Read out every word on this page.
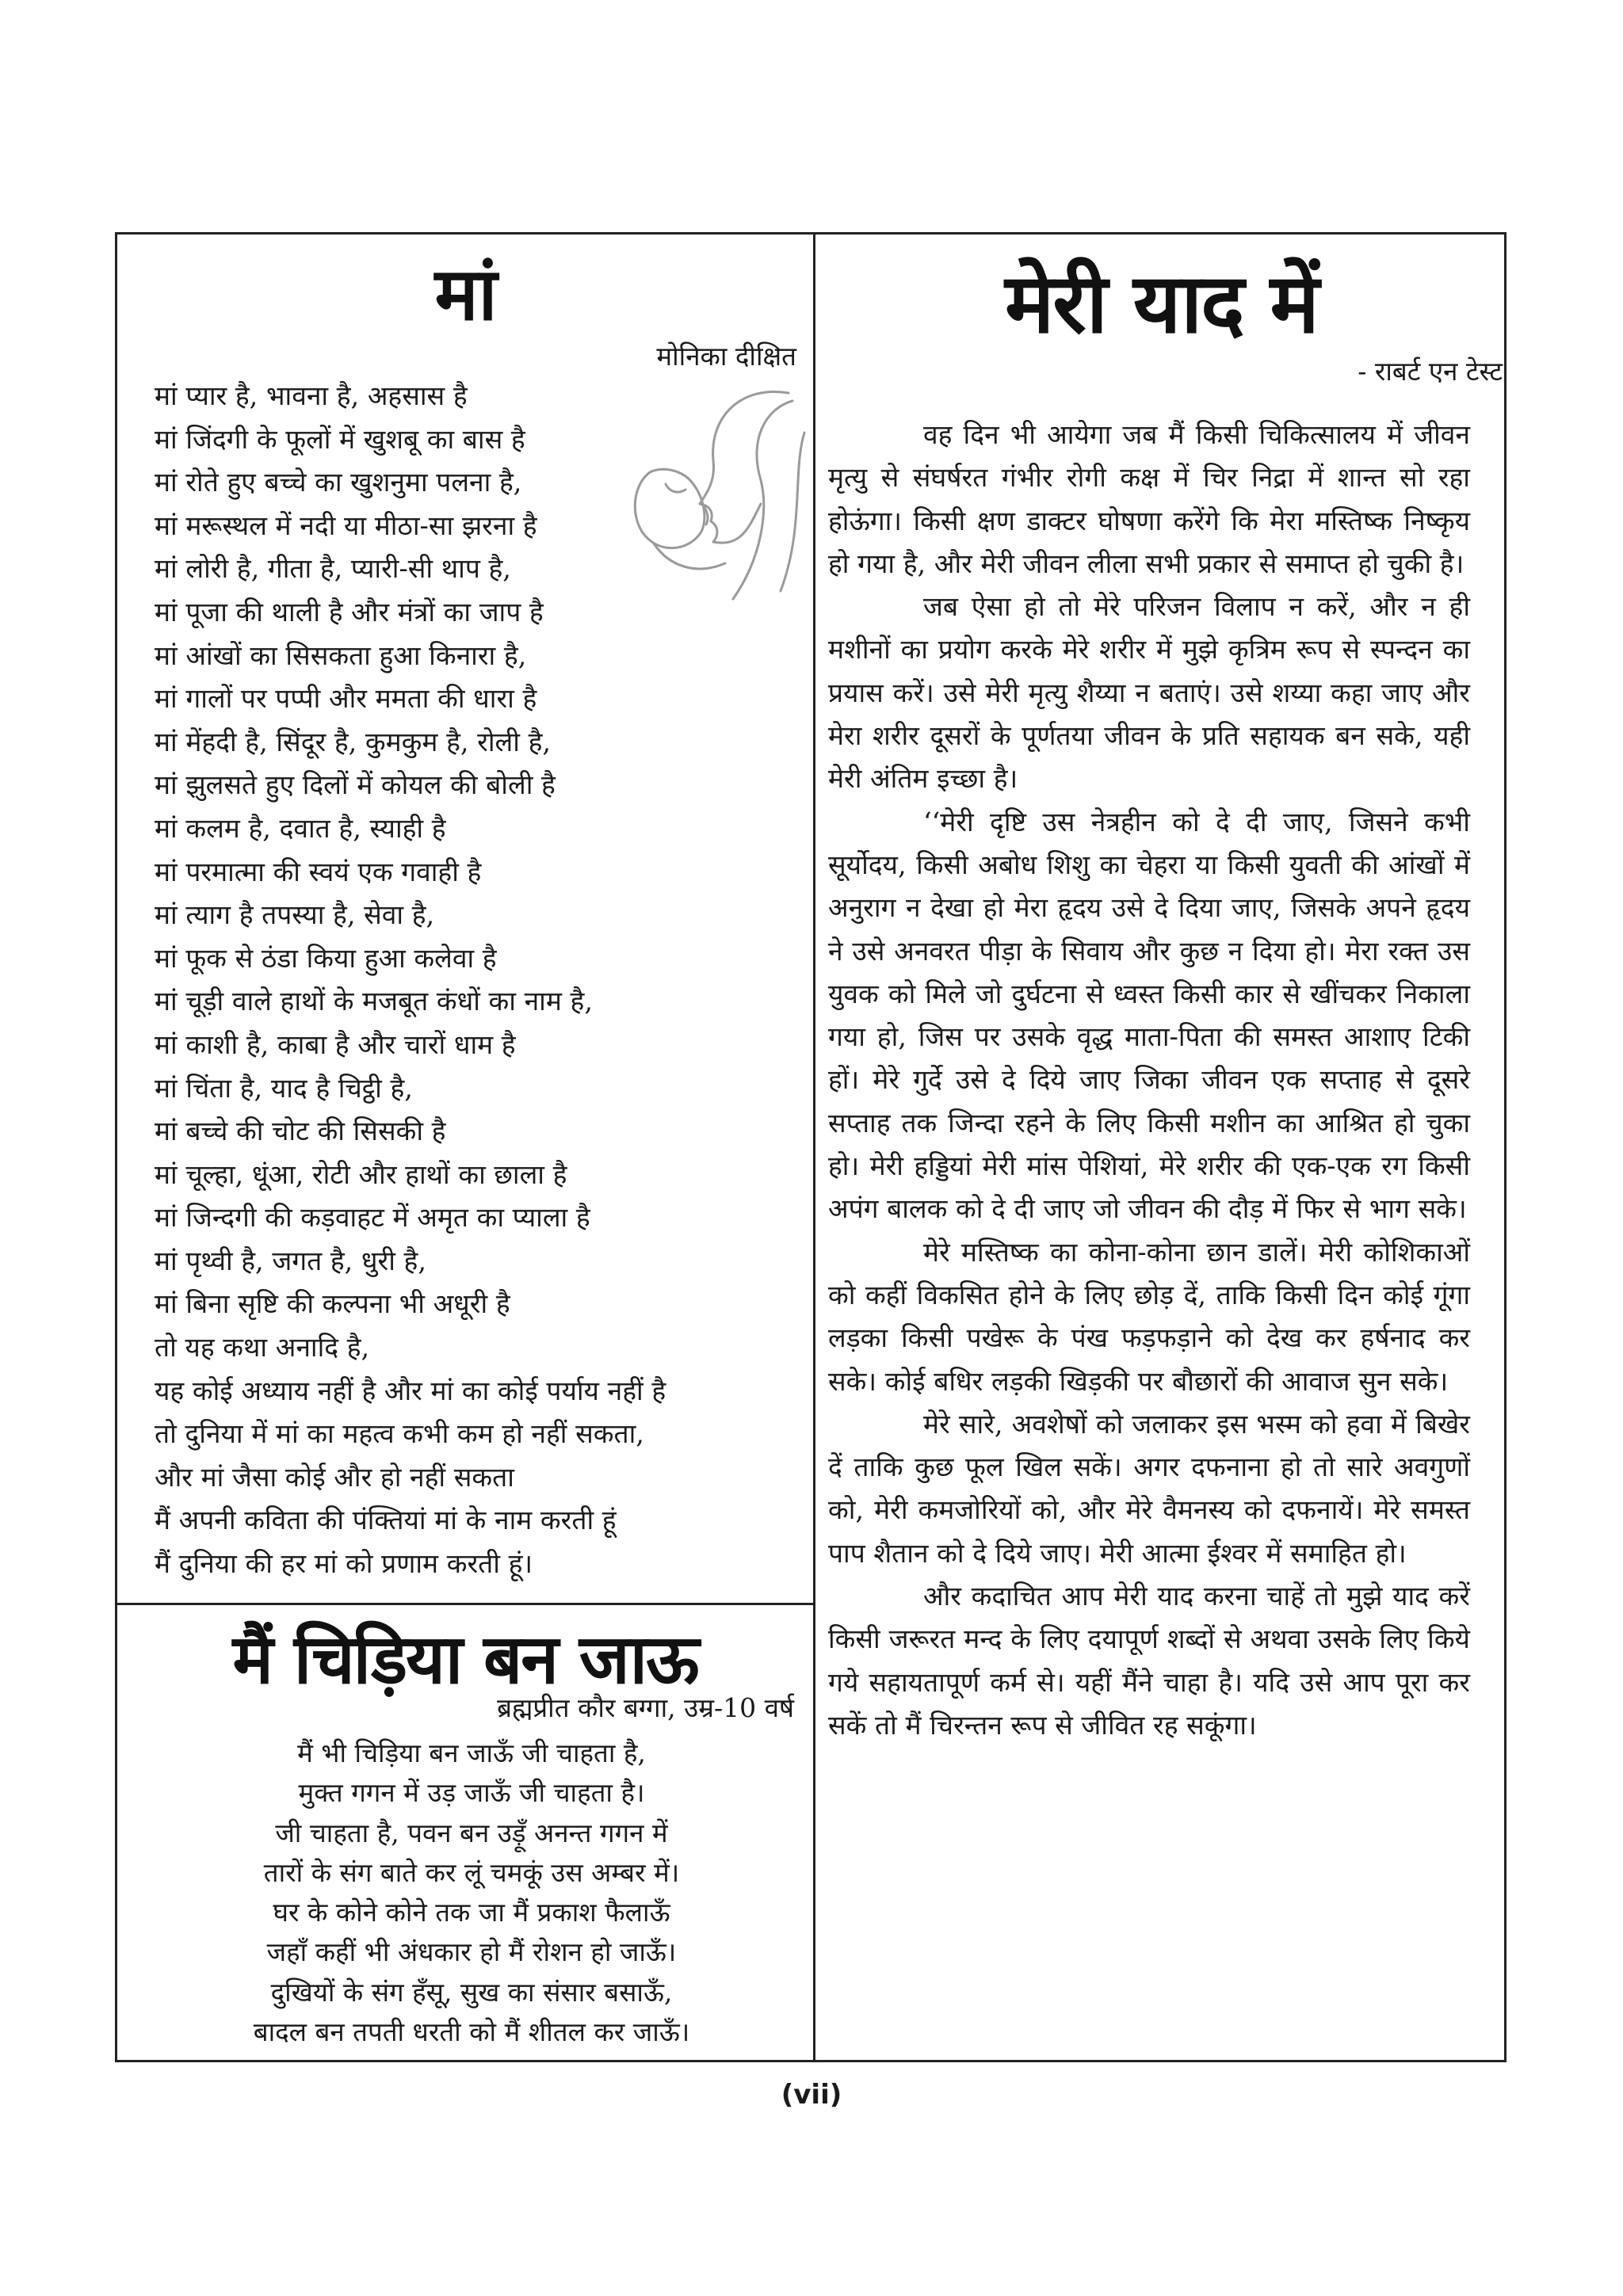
मां
मोनिका दीक्षित
मां प्यार है, भावना है, अहसास है
मां जिंदगी के फूलों में खुशबू का बास है
मां रोते हुए बच्चे का खुशनुमा पलना है,
मां मरूस्थल में नदी या मीठा-सा झरना है
मां लोरी है, गीता है, प्यारी-सी थाप है,
मां पूजा की थाली है और मंत्रों का जाप है
मां आंखों का सिसकता हुआ किनारा है,
मां गालों पर पप्पी और ममता की धारा है
मां मेंहदी है, सिंदूर है, कुमकुम है, रोली है,
मां झुलसते हुए दिलों में कोयल की बोली है
मां कलम है, दवात है, स्याही है
मां परमात्मा की स्वयं एक गवाही है
मां त्याग है तपस्या है, सेवा है,
मां फूक से ठंडा किया हुआ कलेवा है
मां चूड़ी वाले हाथों के मजबूत कंधों का नाम है,
मां काशी है, काबा है और चारों धाम है
मां चिंता है, याद है चिट्ठी है,
मां बच्चे की चोट की सिसकी है
मां चूल्हा, धूंआ, रोटी और हाथों का छाला है
मां जिन्दगी की कड़वाहट में अमृत का प्याला है
मां पृथ्वी है, जगत है, धुरी है,
मां बिना सृष्टि की कल्पना भी अधूरी है
तो यह कथा अनादि है,
यह कोई अध्याय नहीं है और मां का कोई पर्याय नहीं है
तो दुनिया में मां का महत्व कभी कम हो नहीं सकता,
और मां जैसा कोई और हो नहीं सकता
मैं अपनी कविता की पंक्तियां मां के नाम करती हूं
मैं दुनिया की हर मां को प्रणाम करती हूं।
मैं चिड़िया बन जाऊ
ब्रह्मप्रीत कौर बग्गा, उम्र-10 वर्ष
मैं भी चिड़िया बन जाऊँ जी चाहता है,
मुक्त गगन में उड़ जाऊँ जी चाहता है।
जी चाहता है, पवन बन उड़ूँ अनन्त गगन में
तारों के संग बाते कर लूं चमकूं उस अम्बर में।
घर के कोने कोने तक जा मैं प्रकाश फैलाऊँ
जहाँ कहीं भी अंधकार हो मैं रोशन हो जाऊँ।
दुखियों के संग हँसू, सुख का संसार बसाऊँ,
बादल बन तपती धरती को मैं शीतल कर जाऊँ।
मेरी याद में
- राबर्ट एन टेस्ट

वह दिन भी आयेगा जब मैं किसी चिकित्सालय में जीवन मृत्यु से संघर्षरत गंभीर रोगी कक्ष में चिर निद्रा में शान्त सो रहा होऊंगा। किसी क्षण डाक्टर घोषणा करेंगे कि मेरा मस्तिष्क निष्कृय हो गया है, और मेरी जीवन लीला सभी प्रकार से समाप्त हो चुकी है।

जब ऐसा हो तो मेरे परिजन विलाप न करें, और न ही मशीनों का प्रयोग करके मेरे शरीर में मुझे कृत्रिम रूप से स्पन्दन का प्रयास करें। उसे मेरी मृत्यु शैय्या न बताएं। उसे शय्या कहा जाए और मेरा शरीर दूसरों के पूर्णतया जीवन के प्रति सहायक बन सके, यही मेरी अंतिम इच्छा है।

‘‘मेरी दृष्टि उस नेत्रहीन को दे दी जाए, जिसने कभी सूर्योदय, किसी अबोध शिशु का चेहरा या किसी युवती की आंखों में अनुराग न देखा हो मेरा हृदय उसे दे दिया जाए, जिसके अपने हृदय ने उसे अनवरत पीड़ा के सिवाय और कुछ न दिया हो। मेरा रक्त उस युवक को मिले जो दुर्घटना से ध्वस्त किसी कार से खींचकर निकाला गया हो, जिस पर उसके वृद्ध माता-पिता की समस्त आशाए टिकी हों। मेरे गुर्दे उसे दे दिये जाए जिका जीवन एक सप्ताह से दूसरे सप्ताह तक जिन्दा रहने के लिए किसी मशीन का आश्रित हो चुका हो। मेरी हड्डियां मेरी मांस पेशियां, मेरे शरीर की एक-एक रग किसी अपंग बालक को दे दी जाए जो जीवन की दौड़ में फिर से भाग सके।

मेरे मस्तिष्क का कोना-कोना छान डालें। मेरी कोशिकाओं को कहीं विकसित होने के लिए छोड़ दें, ताकि किसी दिन कोई गूंगा लड़का किसी पखेरू के पंख फड़फड़ाने को देख कर हर्षनाद कर सके। कोई बधिर लड़की खिड़की पर बौछारों की आवाज सुन सके।

मेरे सारे, अवशेषों को जलाकर इस भस्म को हवा में बिखेर दें ताकि कुछ फूल खिल सकें। अगर दफनाना हो तो सारे अवगुणों को, मेरी कमजोरियों को, और मेरे वैमनस्य को दफनायें। मेरे समस्त पाप शैतान को दे दिये जाए। मेरी आत्मा ईश्वर में समाहित हो।

और कदाचित आप मेरी याद करना चाहें तो मुझे याद करें किसी जरूरत मन्द के लिए दयापूर्ण शब्दों से अथवा उसके लिए किये गये सहायतापूर्ण कर्म से। यहीं मैंने चाहा है। यदि उसे आप पूरा कर सकें तो मैं चिरन्तन रूप से जीवित रह सकूंगा।

(vii)
